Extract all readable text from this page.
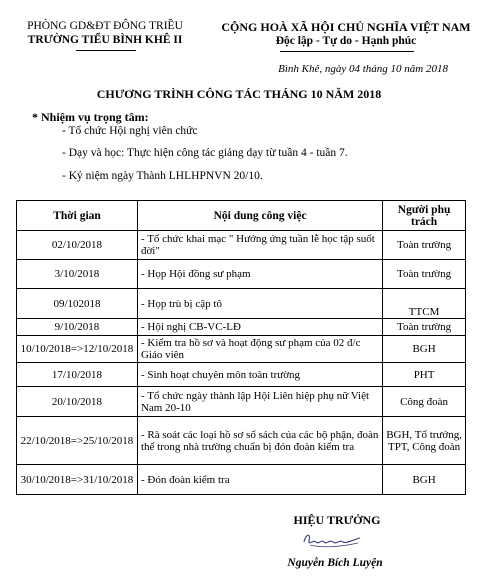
PHÒNG GD&ĐT ĐÔNG TRIỀU
TRƯỜNG TIỂU BÌNH KHÊ II
CỘNG HOÀ XÃ HỘI CHỦ NGHĨA VIỆT NAM
Độc lập - Tự do - Hạnh phúc
Bình Khê, ngày 04 tháng 10 năm 2018
CHƯƠNG TRÌNH CÔNG TÁC THÁNG 10 NĂM 2018
* Nhiệm vụ trọng tâm:
- Tổ chức Hội nghị viên chức
- Dạy và học: Thực hiện công tác giảng dạy từ tuần 4 - tuần 7.
- Kỷ niệm ngày Thành LHLHPNVN 20/10.
Thời gian	Nội dung công việc	Người phụ trách
02/10/2018	- Tổ chức khai mạc " Hưởng ứng tuần lễ học tập suốt đời"	Toàn trường
3/10/2018	- Họp Hội đồng sư phạm	Toàn trường
09/102018	- Họp trù bị cập tô	TTCM
9/10/2018	- Hội nghị CB-VC-LĐ	Toàn trường
10/10/2018=>12/10/2018	- Kiểm tra hồ sơ và hoạt động sư phạm của 02 đ/c Giáo viên	BGH
17/10/2018	- Sinh hoạt chuyên môn toàn trường	PHT
20/10/2018	- Tổ chức ngày thành lập Hội Liên hiệp phụ nữ Việt Nam 20-10	Công đoàn
22/10/2018=>25/10/2018	- Rà soát các loại hồ sơ sổ sách của các bộ phận, đoàn thể trong nhà trường chuẩn bị đón đoàn kiểm tra	BGH, Tổ trưởng, TPT, Công đoàn
30/10/2018=>31/10/2018	- Đón đoàn kiểm tra	BGH
HIỆU TRƯỞNG
Nguyễn Bích Luyện
